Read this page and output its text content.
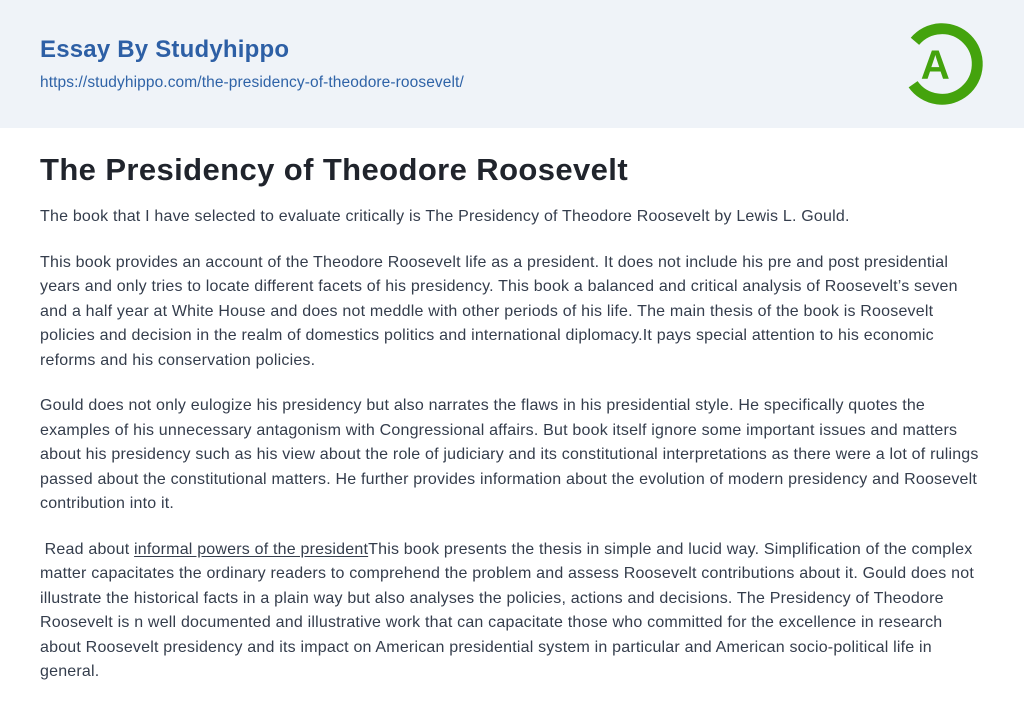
Essay By Studyhippo
https://studyhippo.com/the-presidency-of-theodore-roosevelt/	A
The Presidency of Theodore Roosevelt

The book that I have selected to evaluate critically is The Presidency of Theodore Roosevelt by Lewis L. Gould.

This book provides an account of the Theodore Roosevelt life as a president. It does not include his pre and post presidential years and only tries to locate different facets of his presidency. This book a balanced and critical analysis of Roosevelt’s seven and a half year at White House and does not meddle with other periods of his life. The main thesis of the book is Roosevelt policies and decision in the realm of domestics politics and international diplomacy.It pays special attention to his economic reforms and his conservation policies.

Gould does not only eulogize his presidency but also narrates the flaws in his presidential style. He specifically quotes the examples of his unnecessary antagonism with Congressional affairs. But book itself ignore some important issues and matters about his presidency such as his view about the role of judiciary and its constitutional interpretations as there were a lot of rulings passed about the constitutional matters. He further provides information about the evolution of modern presidency and Roosevelt contribution into it.

Read about informal powers of the presidentThis book presents the thesis in simple and lucid way. Simplification of the complex matter capacitates the ordinary readers to comprehend the problem and assess Roosevelt contributions about it. Gould does not illustrate the historical facts in a plain way but also analyses the policies, actions and decisions. The Presidency of Theodore Roosevelt is n well documented and illustrative work that can capacitate those who committed for the excellence in research about Roosevelt presidency and its impact on American presidential system in particular and American socio-political life in general.
